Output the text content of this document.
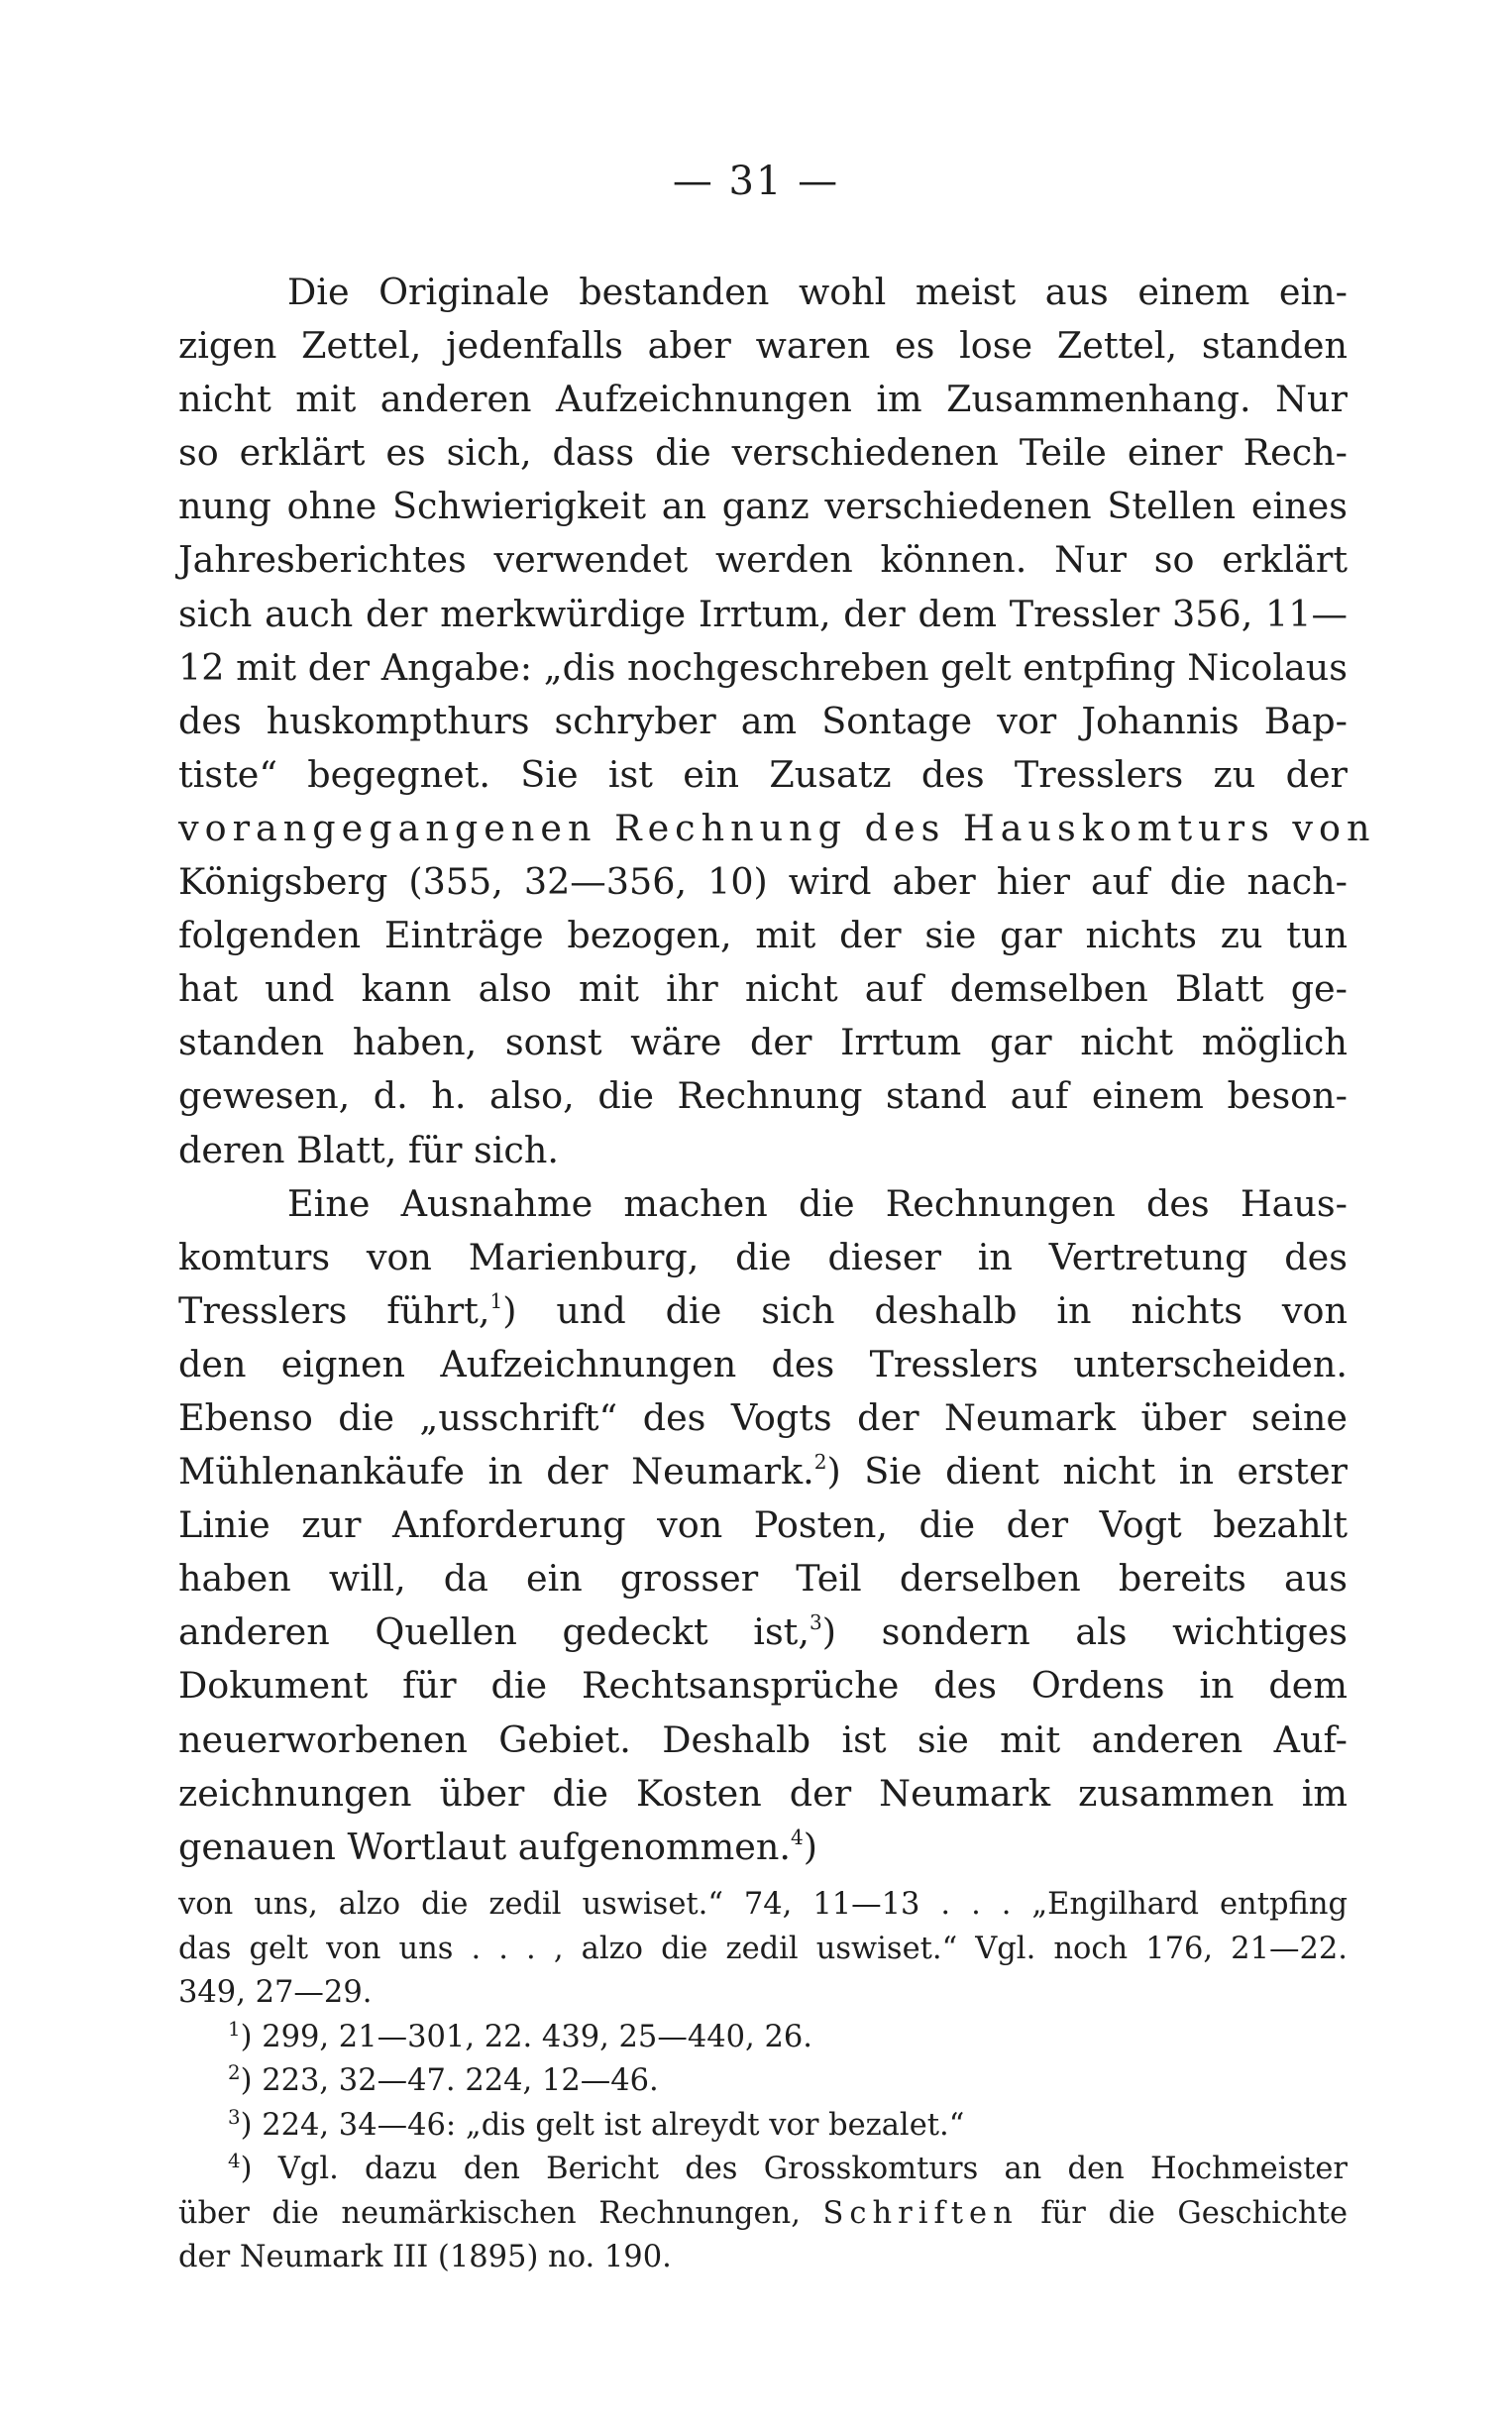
— 31 —
Die Originale bestanden wohl meist aus einem ein-
zigen Zettel, jedenfalls aber waren es lose Zettel, standen
nicht mit anderen Aufzeichnungen im Zusammenhang. Nur
so erklärt es sich, dass die verschiedenen Teile einer Rech-
nung ohne Schwierigkeit an ganz verschiedenen Stellen eines
Jahresberichtes verwendet werden können. Nur so erklärt
sich auch der merkwürdige Irrtum, der dem Tressler 356, 11—
12 mit der Angabe: „dis nochgeschreben gelt entpfing Nicolaus
des huskompthurs schryber am Sontage vor Johannis Bap-
tiste“ begegnet. Sie ist ein Zusatz des Tresslers zu der
vorangegangenen Rechnung des Hauskomturs von
Königsberg (355, 32—356, 10) wird aber hier auf die nach-
folgenden Einträge bezogen, mit der sie gar nichts zu tun
hat und kann also mit ihr nicht auf demselben Blatt ge-
standen haben, sonst wäre der Irrtum gar nicht möglich
gewesen, d. h. also, die Rechnung stand auf einem beson-
deren Blatt, für sich.
Eine Ausnahme machen die Rechnungen des Haus-
komturs von Marienburg, die dieser in Vertretung des
Tresslers führt,$^1$) und die sich deshalb in nichts von
den eignen Aufzeichnungen des Tresslers unterscheiden.
Ebenso die „usschrift“ des Vogts der Neumark über seine
Mühlenankäufe in der Neumark.$^2$) Sie dient nicht in erster
Linie zur Anforderung von Posten, die der Vogt bezahlt
haben will, da ein grosser Teil derselben bereits aus
anderen Quellen gedeckt ist,$^3$) sondern als wichtiges
Dokument für die Rechtsansprüche des Ordens in dem
neuerworbenen Gebiet. Deshalb ist sie mit anderen Auf-
zeichnungen über die Kosten der Neumark zusammen im
genauen Wortlaut aufgenommen.$^4$)
von uns, alzo die zedil uswiset.“ 74, 11—13 . . . „Engilhard entpfing
das gelt von uns . . . , alzo die zedil uswiset.“ Vgl. noch 176, 21—22.
349, 27—29.
$^1$) 299, 21—301, 22. 439, 25—440, 26.
$^2$) 223, 32—47. 224, 12—46.
$^3$) 224, 34—46: „dis gelt ist alreydt vor bezalet.“
$^4$) Vgl. dazu den Bericht des Grosskomturs an den Hochmeister
über die neumärkischen Rechnungen, Schriften für die Geschichte
der Neumark III (1895) no. 190.
